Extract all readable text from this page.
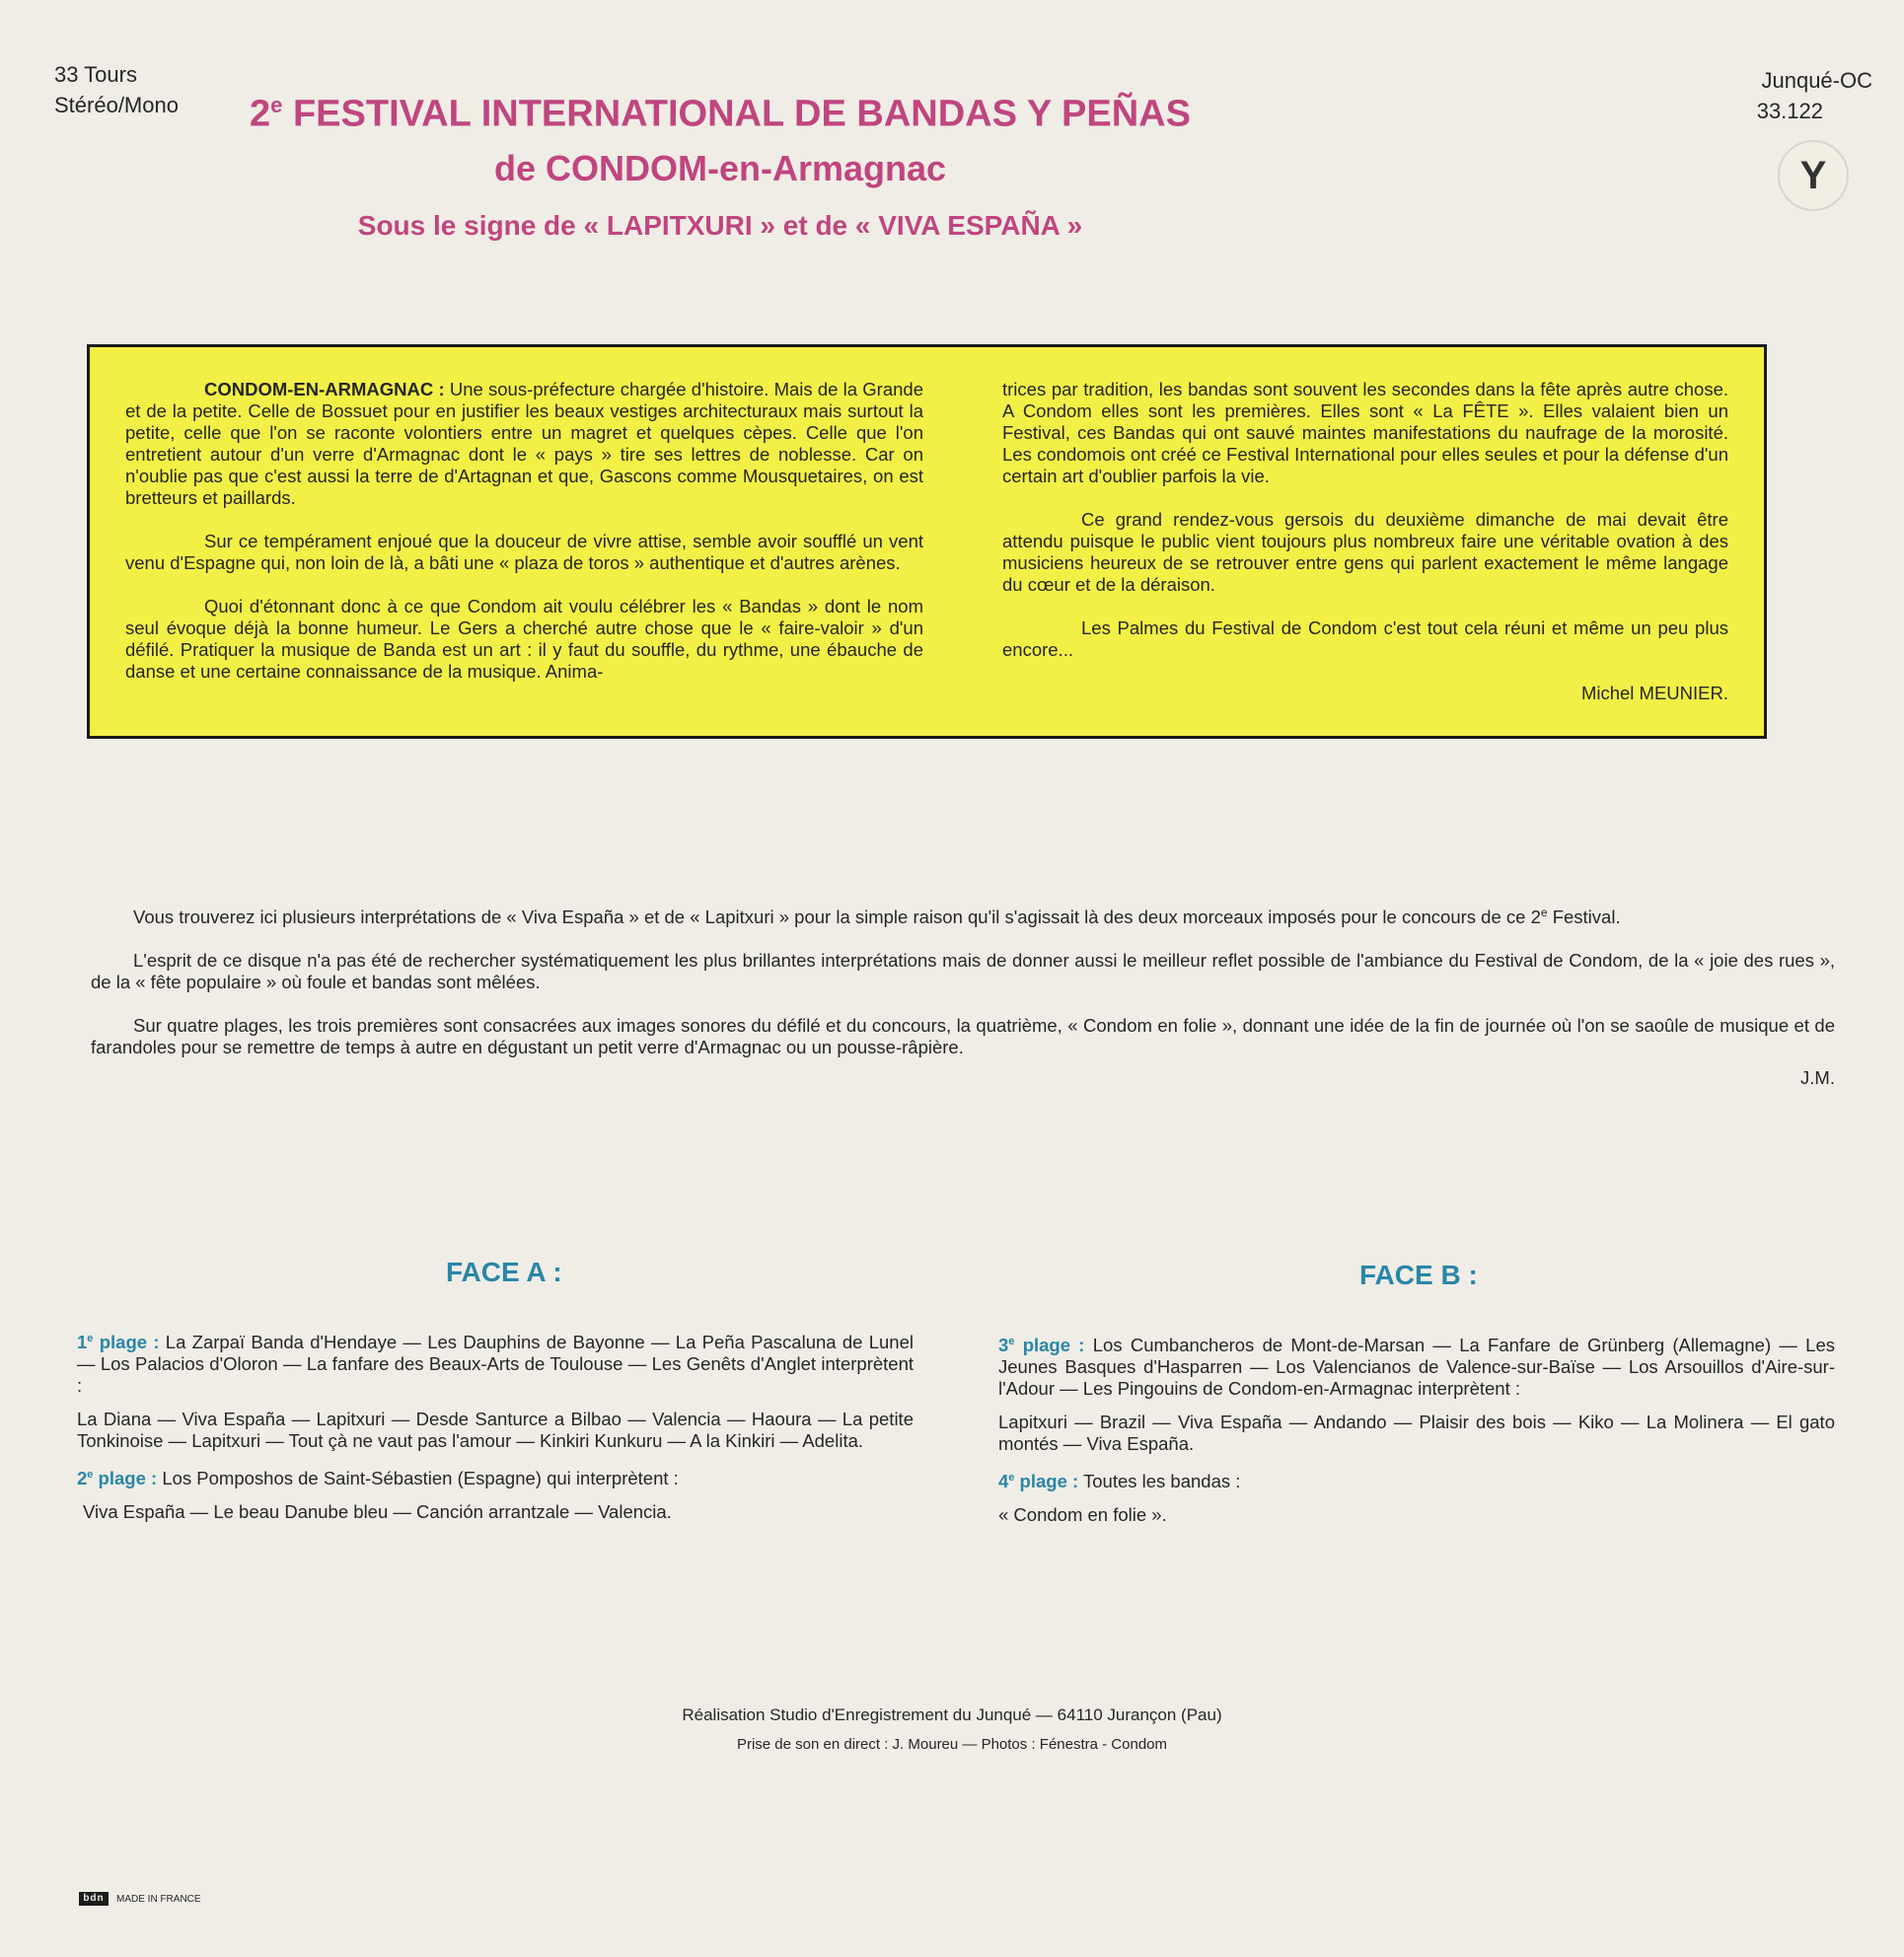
33 Tours
Stéréo/Mono
Junqué-OC
33.122
Y
2e FESTIVAL INTERNATIONAL DE BANDAS Y PEÑAS
de CONDOM-en-Armagnac
Sous le signe de « LAPITXURI » et de « VIVA ESPAÑA »

CONDOM-EN-ARMAGNAC : Une sous-préfecture chargée d'histoire. Mais de la Grande et de la petite. Celle de Bossuet pour en justifier les beaux vestiges architecturaux mais surtout la petite, celle que l'on se raconte volontiers entre un magret et quelques cèpes. Celle que l'on entretient autour d'un verre d'Armagnac dont le « pays » tire ses lettres de noblesse. Car on n'oublie pas que c'est aussi la terre de d'Artagnan et que, Gascons comme Mousquetaires, on est bretteurs et paillards.

Sur ce tempérament enjoué que la douceur de vivre attise, semble avoir soufflé un vent venu d'Espagne qui, non loin de là, a bâti une « plaza de toros » authentique et d'autres arènes.

Quoi d'étonnant donc à ce que Condom ait voulu célébrer les « Bandas » dont le nom seul évoque déjà la bonne humeur. Le Gers a cherché autre chose que le « faire-valoir » d'un défilé. Pratiquer la musique de Banda est un art : il y faut du souffle, du rythme, une ébauche de danse et une certaine connaissance de la musique. Anima-

trices par tradition, les bandas sont souvent les secondes dans la fête après autre chose. A Condom elles sont les premières. Elles sont « La FÊTE ». Elles valaient bien un Festival, ces Bandas qui ont sauvé maintes manifestations du naufrage de la morosité. Les condomois ont créé ce Festival International pour elles seules et pour la défense d'un certain art d'oublier parfois la vie.

Ce grand rendez-vous gersois du deuxième dimanche de mai devait être attendu puisque le public vient toujours plus nombreux faire une véritable ovation à des musiciens heureux de se retrouver entre gens qui parlent exactement le même langage du cœur et de la déraison.

Les Palmes du Festival de Condom c'est tout cela réuni et même un peu plus encore...

Michel MEUNIER.

Vous trouverez ici plusieurs interprétations de « Viva España » et de « Lapitxuri » pour la simple raison qu'il s'agissait là des deux morceaux imposés pour le concours de ce 2e Festival.

L'esprit de ce disque n'a pas été de rechercher systématiquement les plus brillantes interprétations mais de donner aussi le meilleur reflet possible de l'ambiance du Festival de Condom, de la « joie des rues », de la « fête populaire » où foule et bandas sont mêlées.

Sur quatre plages, les trois premières sont consacrées aux images sonores du défilé et du concours, la quatrième, « Condom en folie », donnant une idée de la fin de journée où l'on se saoûle de musique et de farandoles pour se remettre de temps à autre en dégustant un petit verre d'Armagnac ou un pousse-râpière.

J.M.
FACE A :

1e plage : La Zarpaï Banda d'Hendaye — Les Dauphins de Bayonne — La Peña Pascaluna de Lunel — Los Palacios d'Oloron — La fanfare des Beaux-Arts de Toulouse — Les Genêts d'Anglet interprètent :

La Diana — Viva España — Lapitxuri — Desde Santurce a Bilbao — Valencia — Haoura — La petite Tonkinoise — Lapitxuri — Tout çà ne vaut pas l'amour — Kinkiri Kunkuru — A la Kinkiri — Adelita.

2e plage : Los Pomposhos de Saint-Sébastien (Espagne) qui interprètent :

Viva España — Le beau Danube bleu — Canción arrantzale — Valencia.

FACE B :

3e plage : Los Cumbancheros de Mont-de-Marsan — La Fanfare de Grünberg (Allemagne) — Les Jeunes Basques d'Hasparren — Los Valencianos de Valence-sur-Baïse — Los Arsouillos d'Aire-sur-l'Adour — Les Pingouins de Condom-en-Armagnac interprètent :

Lapitxuri — Brazil — Viva España — Andando — Plaisir des bois — Kiko — La Molinera — El gato montés — Viva España.

4e plage : Toutes les bandas :

« Condom en folie ».

Réalisation Studio d'Enregistrement du Junqué — 64110 Jurançon (Pau)
Prise de son en direct : J. Moureu — Photos : Fénestra - Condom
bdn	MADE IN FRANCE
